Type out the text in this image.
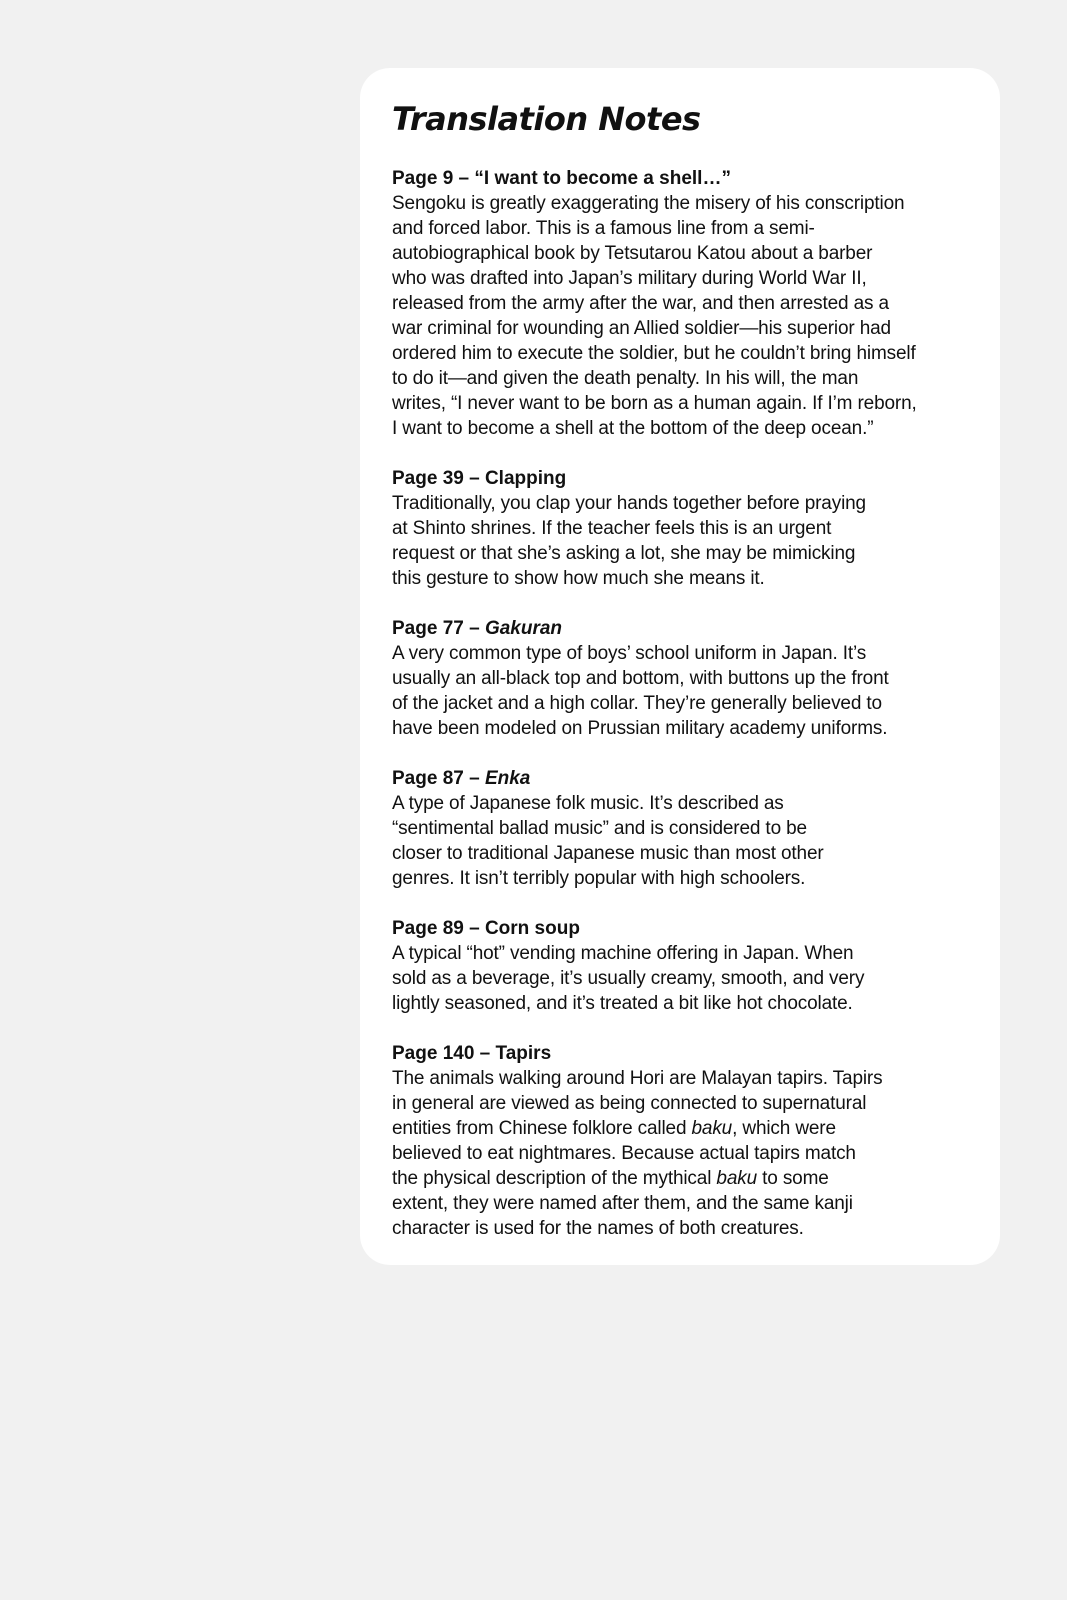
Translation Notes
Page 9 – “I want to become a shell…”
Sengoku is greatly exaggerating the misery of his conscription
and forced labor. This is a famous line from a semi-
autobiographical book by Tetsutarou Katou about a barber
who was drafted into Japan’s military during World War II,
released from the army after the war, and then arrested as a
war criminal for wounding an Allied soldier—his superior had
ordered him to execute the soldier, but he couldn’t bring himself
to do it—and given the death penalty. In his will, the man
writes, “I never want to be born as a human again. If I’m reborn,
I want to become a shell at the bottom of the deep ocean.”
Page 39 – Clapping
Traditionally, you clap your hands together before praying
at Shinto shrines. If the teacher feels this is an urgent
request or that she’s asking a lot, she may be mimicking
this gesture to show how much she means it.
Page 77 – Gakuran
A very common type of boys’ school uniform in Japan. It’s
usually an all-black top and bottom, with buttons up the front
of the jacket and a high collar. They’re generally believed to
have been modeled on Prussian military academy uniforms.
Page 87 – Enka
A type of Japanese folk music. It’s described as
“sentimental ballad music” and is considered to be
closer to traditional Japanese music than most other
genres. It isn’t terribly popular with high schoolers.
Page 89 – Corn soup
A typical “hot” vending machine offering in Japan. When
sold as a beverage, it’s usually creamy, smooth, and very
lightly seasoned, and it’s treated a bit like hot chocolate.
Page 140 – Tapirs
The animals walking around Hori are Malayan tapirs. Tapirs
in general are viewed as being connected to supernatural
entities from Chinese folklore called baku, which were
believed to eat nightmares. Because actual tapirs match
the physical description of the mythical baku to some
extent, they were named after them, and the same kanji
character is used for the names of both creatures.
